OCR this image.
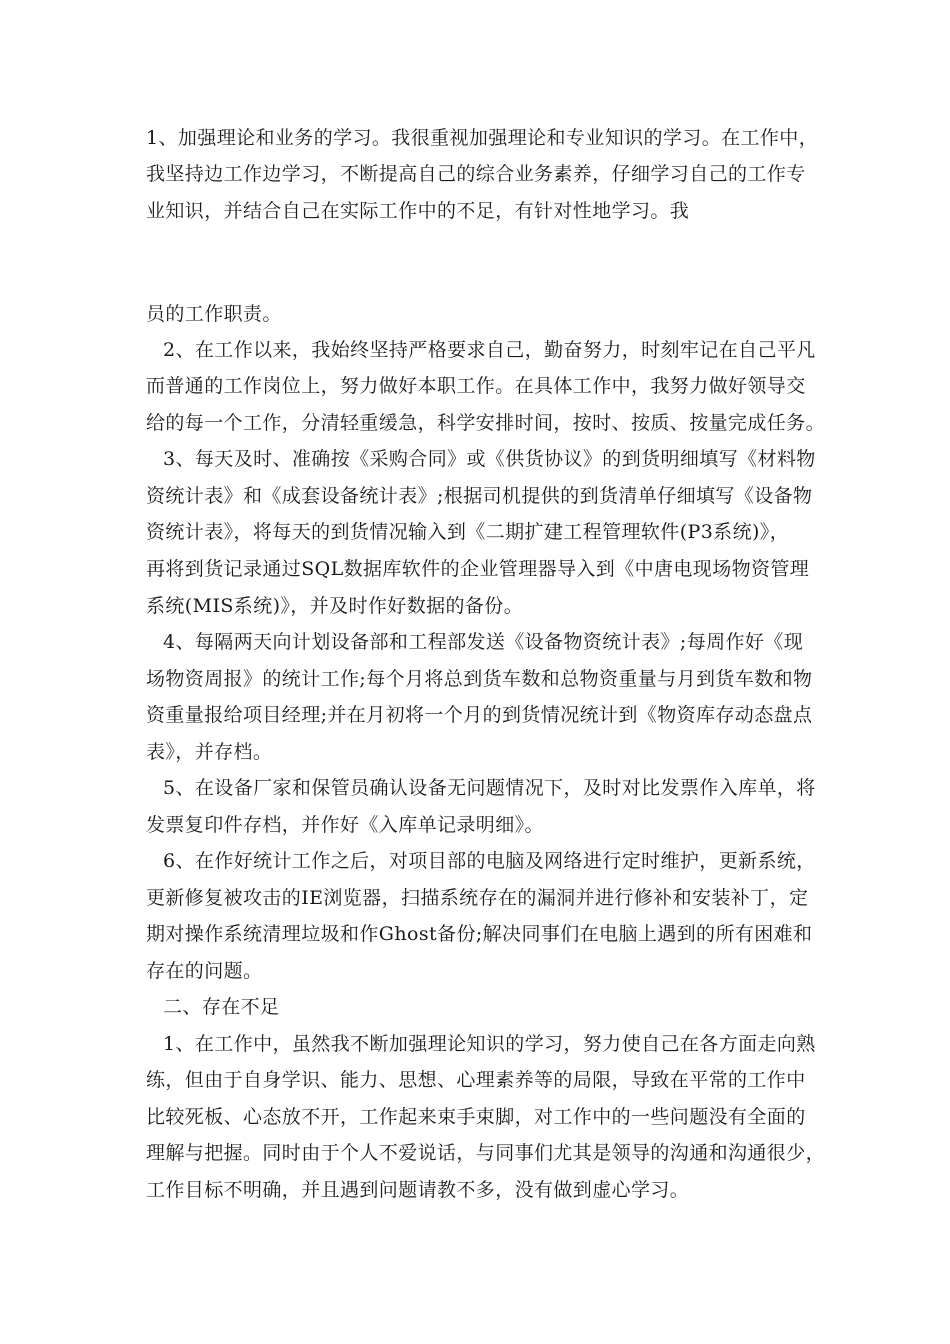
1、加强理论和业务的学习。我很重视加强理论和专业知识的学习。在工作中，
我坚持边工作边学习，不断提高自己的综合业务素养，仔细学习自己的工作专
业知识，并结合自己在实际工作中的不足，有针对性地学习。我
员的工作职责。
2、在工作以来，我始终坚持严格要求自己，勤奋努力，时刻牢记在自己平凡
而普通的工作岗位上，努力做好本职工作。在具体工作中，我努力做好领导交
给的每一个工作，分清轻重缓急，科学安排时间，按时、按质、按量完成任务。
3、每天及时、准确按《采购合同》或《供货协议》的到货明细填写《材料物
资统计表》和《成套设备统计表》;根据司机提供的到货清单仔细填写《设备物
资统计表》，将每天的到货情况输入到《二期扩建工程管理软件(P3系统)》，
再将到货记录通过SQL数据库软件的企业管理器导入到《中唐电现场物资管理
系统(MIS系统)》，并及时作好数据的备份。
4、每隔两天向计划设备部和工程部发送《设备物资统计表》;每周作好《现
场物资周报》的统计工作;每个月将总到货车数和总物资重量与月到货车数和物
资重量报给项目经理;并在月初将一个月的到货情况统计到《物资库存动态盘点
表》，并存档。
5、在设备厂家和保管员确认设备无问题情况下，及时对比发票作入库单，将
发票复印件存档，并作好《入库单记录明细》。
6、在作好统计工作之后，对项目部的电脑及网络进行定时维护，更新系统，
更新修复被攻击的IE浏览器，扫描系统存在的漏洞并进行修补和安装补丁，定
期对操作系统清理垃圾和作Ghost备份;解决同事们在电脑上遇到的所有困难和
存在的问题。
二、存在不足
1、在工作中，虽然我不断加强理论知识的学习，努力使自己在各方面走向熟
练，但由于自身学识、能力、思想、心理素养等的局限，导致在平常的工作中
比较死板、心态放不开，工作起来束手束脚，对工作中的一些问题没有全面的
理解与把握。同时由于个人不爱说话，与同事们尤其是领导的沟通和沟通很少，
工作目标不明确，并且遇到问题请教不多，没有做到虚心学习。
